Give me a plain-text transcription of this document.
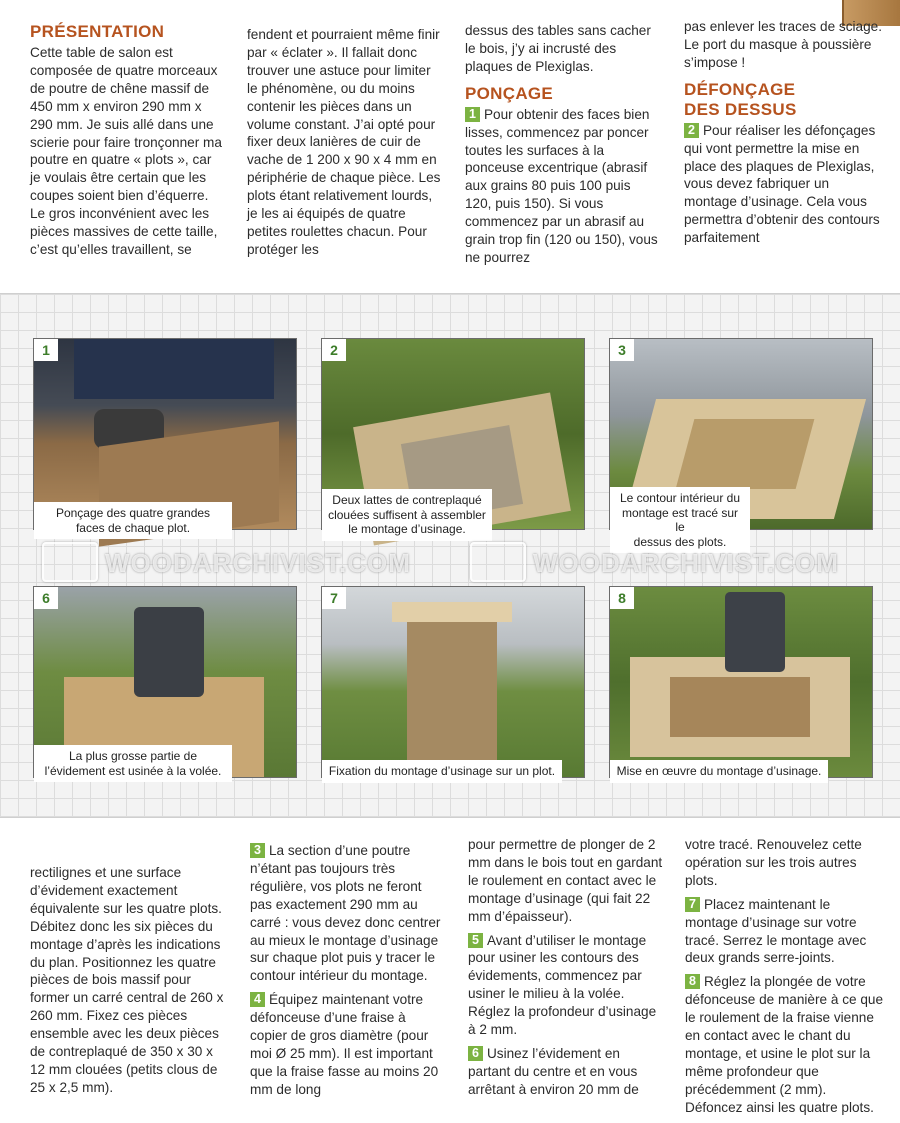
PRÉSENTATION

Cette table de salon est composée de quatre morceaux de poutre de chêne massif de 450 mm x environ 290 mm x 290 mm. Je suis allé dans une scierie pour faire tronçonner ma poutre en quatre « plots », car je voulais être certain que les coupes soient bien d’équerre. Le gros inconvénient avec les pièces massives de cette taille, c’est qu’elles travaillent, se

fendent et pourraient même finir par « éclater ». Il fallait donc trouver une astuce pour limiter le phénomène, ou du moins contenir les pièces dans un volume constant. J’ai opté pour fixer deux lanières de cuir de vache de 1 200 x 90 x 4 mm en périphérie de chaque pièce. Les plots étant relativement lourds, je les ai équipés de quatre petites roulettes chacun. Pour protéger les

dessus des tables sans cacher le bois, j’y ai incrusté des plaques de Plexiglas.

PONÇAGE

1 Pour obtenir des faces bien lisses, commencez par poncer toutes les surfaces à la ponceuse excentrique (abrasif aux grains 80 puis 100 puis 120, puis 150). Si vous commencez par un abrasif au grain trop fin (120 ou 150), vous ne pourrez

pas enlever les traces de sciage. Le port du masque à poussière s’impose !

DÉFONÇAGE
DES DESSUS

2 Pour réaliser les défonçages qui vont permettre la mise en place des plaques de Plexiglas, vous devez fabriquer un montage d’usinage. Cela vous permettra d’obtenir des contours parfaitement

1
Ponçage des quatre grandes
faces de chaque plot.
2
Deux lattes de contreplaqué
clouées suffisent à assembler
le montage d’usinage.
3
Le contour intérieur du
montage est tracé sur le
dessus des plots.
WOODARCHIVIST.COM	WOODARCHIVIST.COM
6
La plus grosse partie de
l’évidement est usinée à la volée.
7
Fixation du montage d’usinage sur un plot.
8
Mise en œuvre du montage d’usinage.

rectilignes et une surface d’évidement exactement équivalente sur les quatre plots. Débitez donc les six pièces du montage d’après les indications du plan. Positionnez les quatre pièces de bois massif pour former un carré central de 260 x 260 mm. Fixez ces pièces ensemble avec les deux pièces de contreplaqué de 350 x 30 x 12 mm clouées (petits clous de 25 x 2,5 mm).

3 La section d’une poutre n’étant pas toujours très régulière, vos plots ne feront pas exactement 290 mm au carré : vous devez donc centrer au mieux le montage d’usinage sur chaque plot puis y tracer le contour intérieur du montage.

4 Équipez maintenant votre défonceuse d’une fraise à copier de gros diamètre (pour moi Ø 25 mm). Il est important que la fraise fasse au moins 20 mm de long

pour permettre de plonger de 2 mm dans le bois tout en gardant le roulement en contact avec le montage d’usinage (qui fait 22 mm d’épaisseur).

5 Avant d’utiliser le montage pour usiner les contours des évidements, commencez par usiner le milieu à la volée. Réglez la profondeur d’usinage à 2 mm.

6 Usinez l’évidement en partant du centre et en vous arrêtant à environ 20 mm de

votre tracé. Renouvelez cette opération sur les trois autres plots.

7 Placez maintenant le montage d’usinage sur votre tracé. Serrez le montage avec deux grands serre-joints.

8 Réglez la plongée de votre défonceuse de manière à ce que le roulement de la fraise vienne en contact avec le chant du montage, et usine le plot sur la même profondeur que précédemment (2 mm). Défoncez ainsi les quatre plots.
